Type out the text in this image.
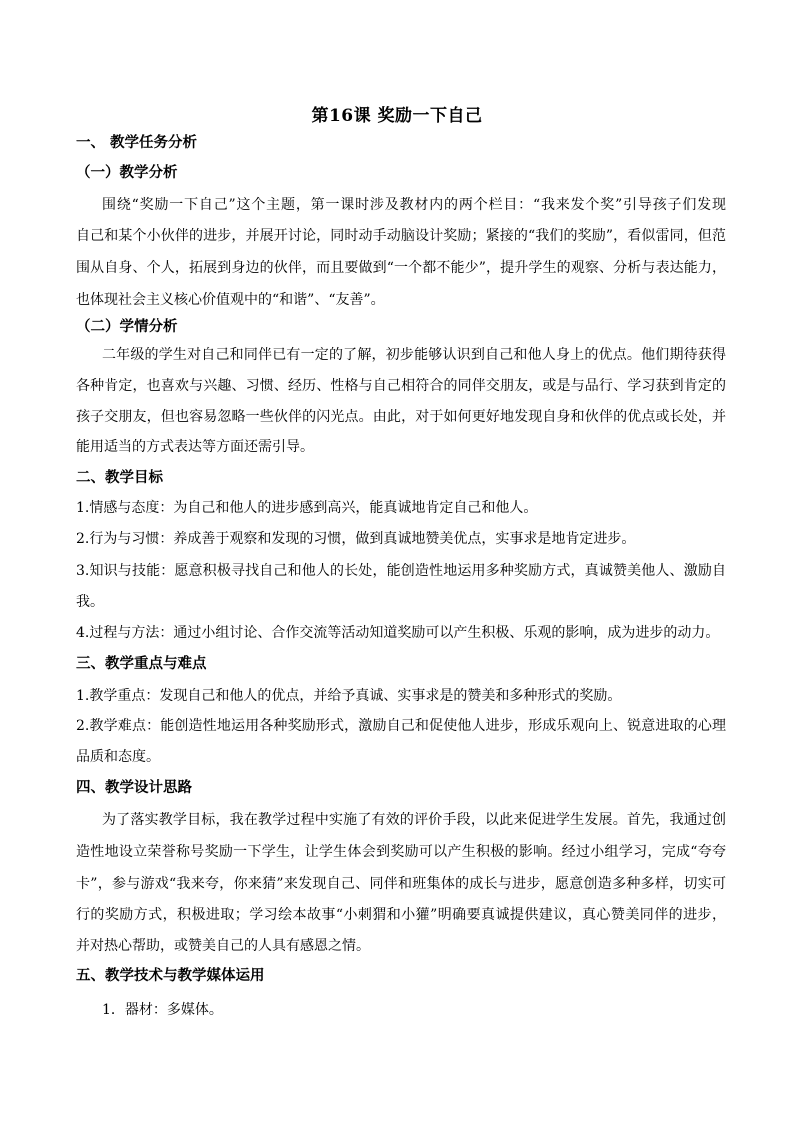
第16课 奖励一下自己
一、 教学任务分析
（一）教学分析
围绕“奖励一下自己”这个主题，第一课时涉及教材内的两个栏目：“我来发个奖”引导孩子们发现
自己和某个小伙伴的进步，并展开讨论，同时动手动脑设计奖励；紧接的“我们的奖励”，看似雷同，但范
围从自身、个人，拓展到身边的伙伴，而且要做到“一个都不能少”，提升学生的观察、分析与表达能力，
也体现社会主义核心价值观中的“和谐”、“友善”。
（二）学情分析
二年级的学生对自己和同伴已有一定的了解，初步能够认识到自己和他人身上的优点。他们期待获得
各种肯定，也喜欢与兴趣、习惯、经历、性格与自己相符合的同伴交朋友，或是与品行、学习获到肯定的
孩子交朋友，但也容易忽略一些伙伴的闪光点。由此，对于如何更好地发现自身和伙伴的优点或长处，并
能用适当的方式表达等方面还需引导。
二、教学目标
1.情感与态度：为自己和他人的进步感到高兴，能真诚地肯定自己和他人。
2.行为与习惯：养成善于观察和发现的习惯，做到真诚地赞美优点，实事求是地肯定进步。
3.知识与技能：愿意积极寻找自己和他人的长处，能创造性地运用多种奖励方式，真诚赞美他人、激励自
我。
4.过程与方法：通过小组讨论、合作交流等活动知道奖励可以产生积极、乐观的影响，成为进步的动力。
三、教学重点与难点
1.教学重点：发现自己和他人的优点，并给予真诚、实事求是的赞美和多种形式的奖励。
2.教学难点：能创造性地运用各种奖励形式，激励自己和促使他人进步，形成乐观向上、锐意进取的心理
品质和态度。
四、教学设计思路
为了落实教学目标，我在教学过程中实施了有效的评价手段，以此来促进学生发展。首先，我通过创
造性地设立荣誉称号奖励一下学生，让学生体会到奖励可以产生积极的影响。经过小组学习，完成“夸夸
卡”，参与游戏“我来夸，你来猜”来发现自己、同伴和班集体的成长与进步，愿意创造多种多样，切实可
行的奖励方式，积极进取；学习绘本故事“小刺猬和小獾”明确要真诚提供建议，真心赞美同伴的进步，
并对热心帮助，或赞美自己的人具有感恩之情。
五、教学技术与教学媒体运用
1．器材：多媒体。
